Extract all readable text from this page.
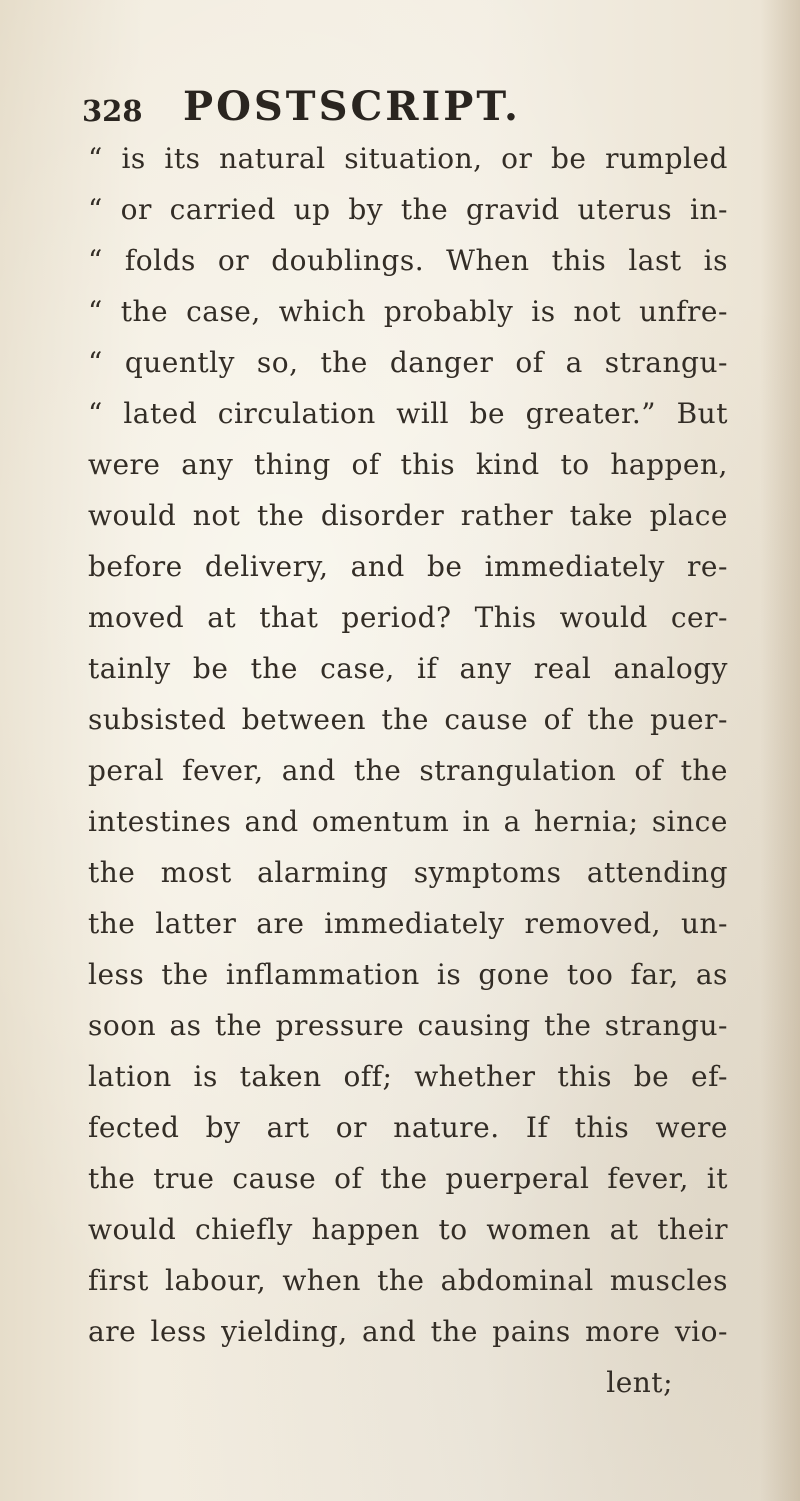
328 POSTSCRIPT.
“ is its natural situation, or be rumpled
“ or carried up by the gravid uterus in-
“ folds or doublings. When this last is
“ the case, which probably is not unfre-
“ quently so, the danger of a strangu-
“ lated circulation will be greater.” But
were any thing of this kind to happen,
would not the disorder rather take place
before delivery, and be immediately re-
moved at that period? This would cer-
tainly be the case, if any real analogy
subsisted between the cause of the puer-
peral fever, and the strangulation of the
intestines and omentum in a hernia; since
the most alarming symptoms attending
the latter are immediately removed, un-
less the inflammation is gone too far, as
soon as the pressure causing the strangu-
lation is taken off; whether this be ef-
fected by art or nature. If this were
the true cause of the puerperal fever, it
would chiefly happen to women at their
first labour, when the abdominal muscles
are less yielding, and the pains more vio-
lent ;
